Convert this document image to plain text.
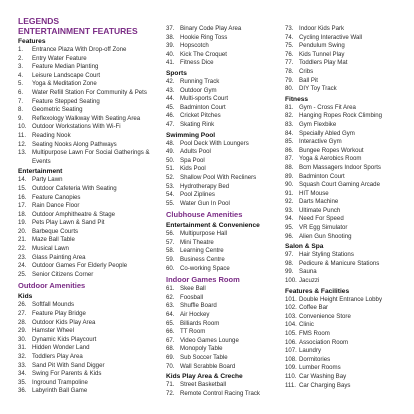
LEGENDS
ENTERTAINMENT FEATURES
Features
1.	Entrance Plaza With Drop-off Zone
2.	Entry Water Feature
3.	Feature Median Planting
4.	Leisure Landscape Court
5.	Yoga & Meditation Zone
6.	Water Refill Station For Community & Pets
7.	Feature Stepped Seating
8.	Geometric Seating
9.	Reflexology Walkway With Seating Area
10. Outdoor Workstations With Wi-Fi
11. Reading Nook
12. Seating Nooks Along Pathways
13. Multipurpose Lawn For Social Gatherings & Events
Entertainment
14. Party Lawn
15. Outdoor Cafeteria With Seating
16. Feature Canopies
17. Rain Dance Floor
18. Outdoor Amphitheatre & Stage
19. Pets Play Lawn & Sand Pit
20. Barbeque Courts
21. Maze Ball Table
22. Musical Lawn
23. Glass Painting Area
24. Outdoor Games For Elderly People
25. Senior Citizens Corner
Outdoor Amenities
Kids
26. Softfall Mounds
27. Feature Play Bridge
28. Outdoor Kids Play Area
29. Hamster Wheel
30. Dynamic Kids Playcourt
31. Hidden Wonder Land
32. Toddlers Play Area
33. Sand Pit With Sand Digger
34. Swing For Parents & Kids
35. Inground Trampoline
36. Labyrinth Ball Game
37. Binary Code Play Area
38. Hookie Ring Toss
39. Hopscotch
40. Kick The Croquet
41. Fitness Dice
Sports
42. Running Track
43. Outdoor Gym
44. Multi-sports Court
45. Badminton Court
46. Cricket Pitches
47. Skating Rink
Swimming Pool
48. Pool Deck With Loungers
49. Adults Pool
50. Spa Pool
51. Kids Pool
52. Shallow Pool With Recliners
53. Hydrotherapy Bed
54. Pool Ziplines
55. Water Gun In Pool
Clubhouse Amenities
Entertainment & Convenience
56. Multipurpose Hall
57. Mini Theatre
58. Learning Centre
59. Business Centre
60. Co-working Space
Indoor Games Room
61. Skee Ball
62. Foosball
63. Shuffle Board
64. Air Hockey
65. Billiards Room
66. TT Room
67. Video Games Lounge
68. Monopoly Table
69. Sub Soccer Table
70. Wall Scrabble Board
Kids Play Area & Creche
71. Street Basketball
72. Remote Control Racing Track
73. Indoor Kids Park
74. Cycling Interactive Wall
75. Pendulum Swing
76. Kids Tunnel Play
77. Toddlers Play Mat
78. Cribs
79. Ball Pit
80. DIY Toy Track
Fitness
81. Gym - Cross Fit Area
82. Hanging Ropes Rock Climbing
83. Gym Flexbike
84. Specially Abled Gym
85. Interactive Gym
86. Bungee Ropes Workout
87. Yoga & Aerobics Room
88. Bcm Massagers Indoor Sports
89. Badminton Court
90. Squash Court Gaming Arcade
91. HIT Mouse
92. Darts Machine
93. Ultimate Punch
94. Need For Speed
95. VR Egg Simulator
96. Alien Gun Shooting
Salon & Spa
97. Hair Styling Stations
98. Pedicure & Manicure Stations
99. Sauna
100. Jacuzzi
Features & Facilities
101. Double Height Entrance Lobby
102. Coffee Bar
103. Convenience Store
104. Clinic
105. FMS Room
106. Association Room
107. Laundry
108. Dormitories
109. Lumber Rooms
110. Car Washing Bay
111. Car Charging Bays
